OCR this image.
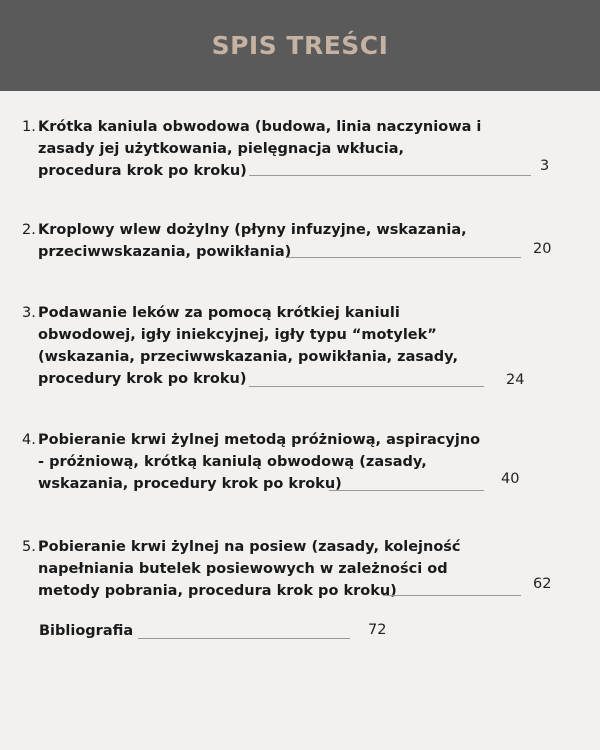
SPIS TREŚCI
1. Krótka kaniula obwodowa (budowa, linia naczyniowa i
zasady jej użytkowania, pielęgnacja wkłucia,
procedura krok po kroku)	3
2. Kroplowy wlew dożylny (płyny infuzyjne, wskazania,
przeciwwskazania, powikłania)	20
3. Podawanie leków za pomocą krótkiej kaniuli
obwodowej, igły iniekcyjnej, igły typu “motylek”
(wskazania, przeciwwskazania, powikłania, zasady,
procedury krok po kroku)	24
4. Pobieranie krwi żylnej metodą próżniową, aspiracyjno
- próżniową, krótką kaniulą obwodową (zasady,
wskazania, procedury krok po kroku)	40
5. Pobieranie krwi żylnej na posiew (zasady, kolejność
napełniania butelek posiewowych w zależności od
metody pobrania, procedura krok po kroku)	62
Bibliografia	72
